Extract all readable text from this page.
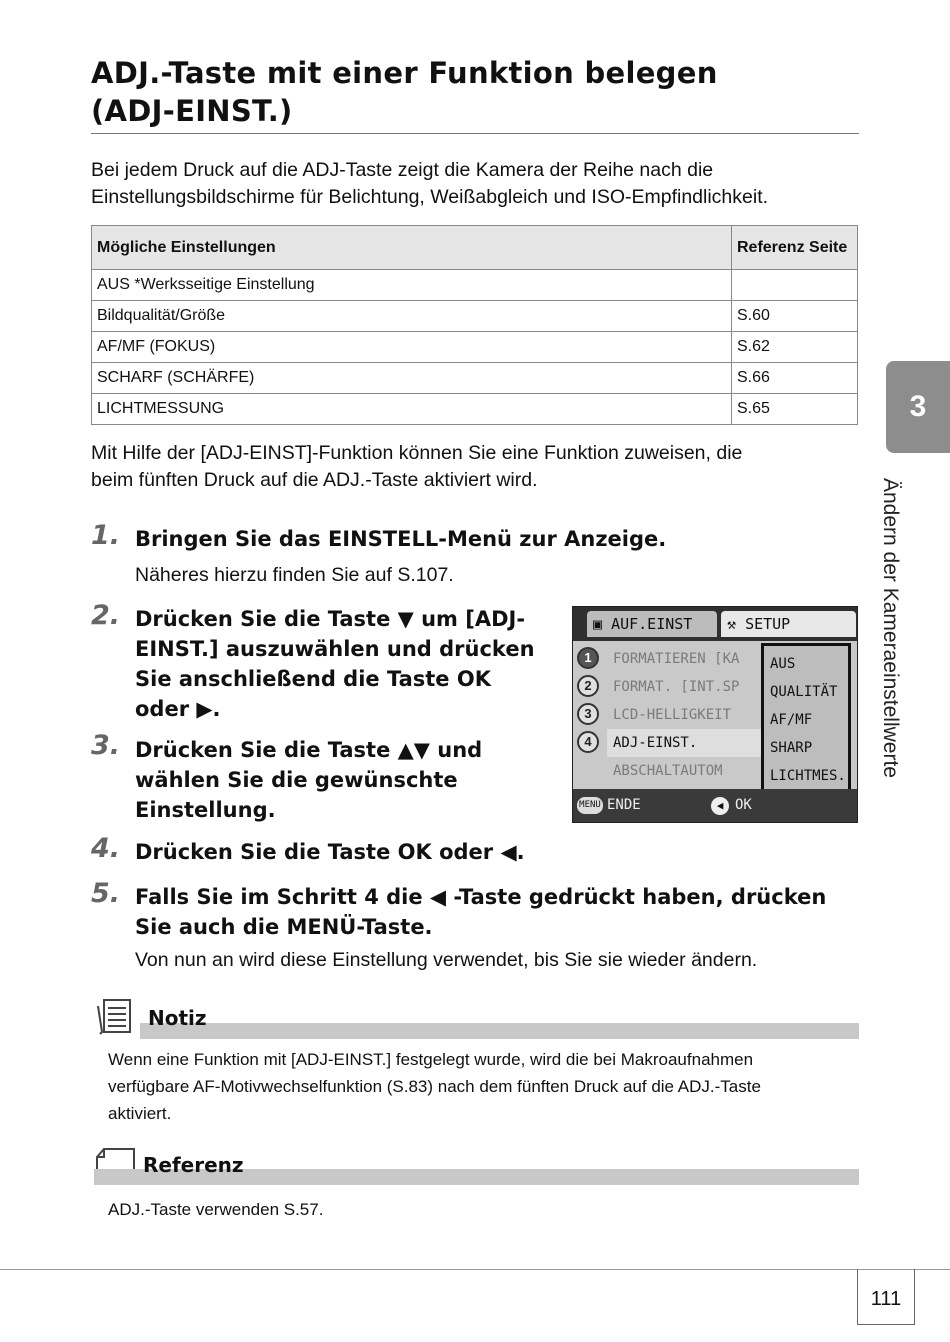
ADJ.-Taste mit einer Funktion belegen
(ADJ-EINST.)
Bei jedem Druck auf die ADJ-Taste zeigt die Kamera der Reihe nach die
Einstellungsbildschirme für Belichtung, Weißabgleich und ISO-Empfindlichkeit.
Mögliche Einstellungen	Referenz Seite
AUS *Werksseitige Einstellung	
Bildqualität/Größe	S.60
AF/MF (FOKUS)	S.62
SCHARF (SCHÄRFE)	S.66
LICHTMESSUNG	S.65
Mit Hilfe der [ADJ-EINST]-Funktion können Sie eine Funktion zuweisen, die
beim fünften Druck auf die ADJ.-Taste aktiviert wird.
1. Bringen Sie das EINSTELL-Menü zur Anzeige.
Näheres hierzu finden Sie auf S.107.
2. Drücken Sie die Taste ▼ um [ADJ-
EINST.] auszuwählen und drücken
Sie anschließend die Taste OK
oder ▶.
3. Drücken Sie die Taste ▲▼ und
wählen Sie die gewünschte
Einstellung.
4. Drücken Sie die Taste OK oder ◀.
5. Falls Sie im Schritt 4 die ◀ -Taste gedrückt haben, drücken
Sie auch die MENÜ-Taste.
Von nun an wird diese Einstellung verwendet, bis Sie sie wieder ändern.
▣ AUF.EINST	⚒ SETUP
1
2
3
4
FORMATIEREN [KA
FORMAT. [INT.SP
LCD-HELLIGKEIT
ADJ-EINST.
ABSCHALTAUTOM
AUS
QUALITÄT
AF/MF
SHARP
LICHTMES.
MENU ENDE	◀ OK
3
Ändern der Kameraeinstellwerte
Notiz
Wenn eine Funktion mit [ADJ-EINST.] festgelegt wurde, wird die bei Makroaufnahmen
verfügbare AF-Motivwechselfunktion (S.83) nach dem fünften Druck auf die ADJ.-Taste
aktiviert.
Referenz
ADJ.-Taste verwenden S.57.
111
